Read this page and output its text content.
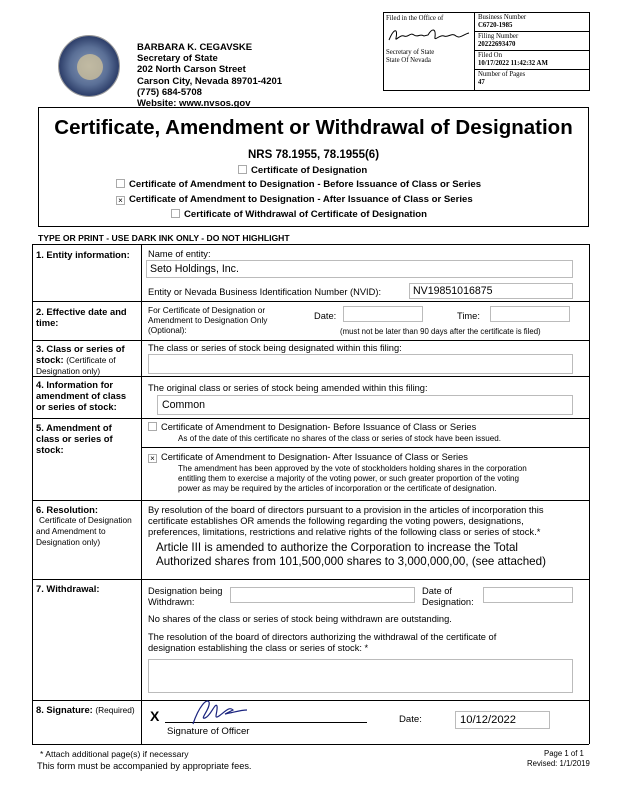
BARBARA K. CEGAVSKE
Secretary of State
202 North Carson Street
Carson City, Nevada 89701-4201
(775) 684-5708
Website: www.nvsos.gov
Filed in the Office of
Secretary of State
State Of Nevada
Business Number
C6720-1985
Filing Number
20222693470
Filed On
10/17/2022 11:42:32 AM
Number of Pages
47
Certificate, Amendment or Withdrawal of Designation
NRS 78.1955, 78.1955(6)
Certificate of Designation
Certificate of Amendment to Designation - Before Issuance of Class or Series
× Certificate of Amendment to Designation - After Issuance of Class or Series
Certificate of Withdrawal of Certificate of Designation
TYPE OR PRINT - USE DARK INK ONLY - DO NOT HIGHLIGHT
1. Entity information: Name of entity:
Seto Holdings, Inc.
Entity or Nevada Business Identification Number (NVID):	NV19851016875
2. Effective date and
time:
For Certificate of Designation or
Amendment to Designation Only
(Optional):
Date:	Time:
(must not be later than 90 days after the certificate is filed)
3. Class or series of
stock: (Certificate of
Designation only)
The class or series of stock being designated within this filing:
4. Information for
amendment of class
or series of stock:
The original class or series of stock being amended within this filing:
Common
5. Amendment of
class or series of
stock:
Certificate of Amendment to Designation- Before Issuance of Class or Series
As of the date of this certificate no shares of the class or series of stock have been issued.
× Certificate of Amendment to Designation- After Issuance of Class or Series
The amendment has been approved by the vote of stockholders holding shares in the corporation
entitling them to exercise a majority of the voting power, or such greater proportion of the voting
power as may be required by the articles of incorporation or the certificate of designation.
6. Resolution:
Certificate of Designation
and Amendment to
Designation only)
By resolution of the board of directors pursuant to a provision in the articles of incorporation this
certificate establishes OR amends the following regarding the voting powers, designations,
preferences, limitations, restrictions and relative rights of the following class or series of stock.*
Article III is amended to authorize the Corporation to increase the Total
Authorized shares from 101,500,000 shares to 3,000,000,00, (see attached)
7. Withdrawal:	Designation being
Withdrawn:
Date of
Designation:
No shares of the class or series of stock being withdrawn are outstanding.
The resolution of the board of directors authorizing the withdrawal of the certificate of
designation establishing the class or series of stock: *
8. Signature: (Required) X
Signature of Officer
Date:	10/12/2022
* Attach additional page(s) if necessary
This form must be accompanied by appropriate fees.
Page 1 of 1
Revised: 1/1/2019
